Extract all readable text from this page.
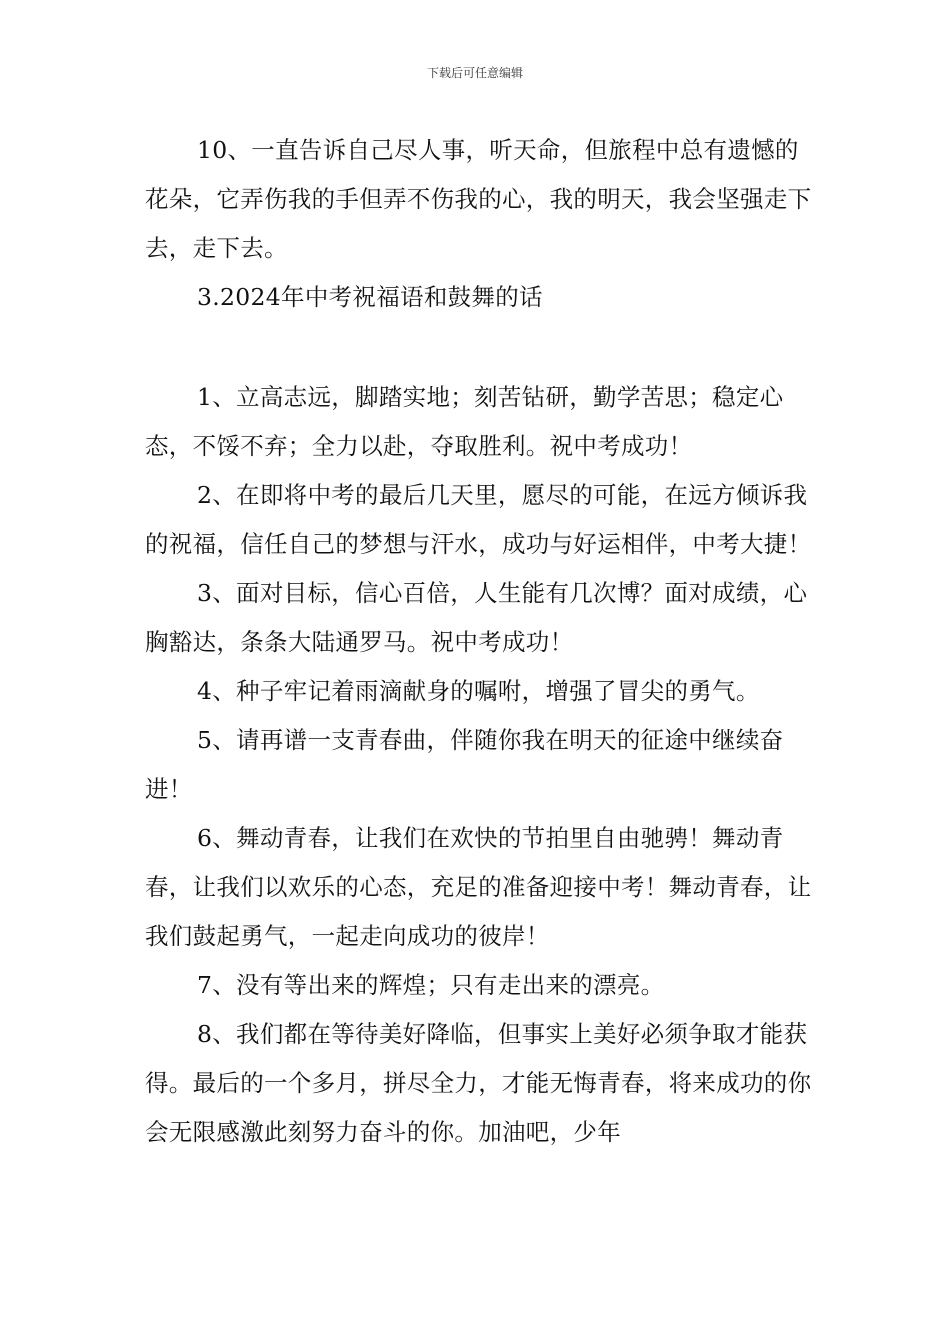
下载后可任意编辑

10、一直告诉自己尽人事，听天命，但旅程中总有遗憾的花朵，它弄伤我的手但弄不伤我的心，我的明天，我会坚强走下去，走下去。

3.2024年中考祝福语和鼓舞的话

1、立高志远，脚踏实地；刻苦钻研，勤学苦思；稳定心态，不馁不弃；全力以赴，夺取胜利。祝中考成功！

2、在即将中考的最后几天里，愿尽的可能，在远方倾诉我的祝福，信任自己的梦想与汗水，成功与好运相伴，中考大捷！

3、面对目标，信心百倍，人生能有几次博？面对成绩，心胸豁达，条条大陆通罗马。祝中考成功！

4、种子牢记着雨滴献身的嘱咐，增强了冒尖的勇气。

5、请再谱一支青春曲，伴随你我在明天的征途中继续奋进！

6、舞动青春，让我们在欢快的节拍里自由驰骋！舞动青春，让我们以欢乐的心态，充足的准备迎接中考！舞动青春，让我们鼓起勇气，一起走向成功的彼岸！

7、没有等出来的辉煌；只有走出来的漂亮。

8、我们都在等待美好降临，但事实上美好必须争取才能获得。最后的一个多月，拼尽全力，才能无悔青春，将来成功的你会无限感激此刻努力奋斗的你。加油吧，少年
